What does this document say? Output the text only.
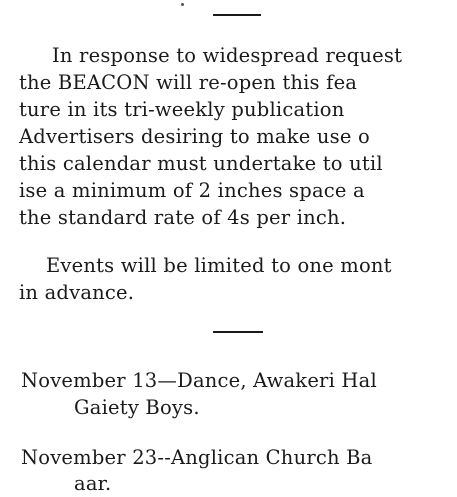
In response to widespread request
the BEACON will re-open this fea
ture in its tri-weekly publication
Advertisers desiring to make use o
this calendar must undertake to util
ise a minimum of 2 inches space a
the standard rate of 4s per inch.
Events will be limited to one mont
in advance.
November 13—Dance, Awakeri Hal
Gaiety Boys.
November 23--Anglican Church Ba
aar.
